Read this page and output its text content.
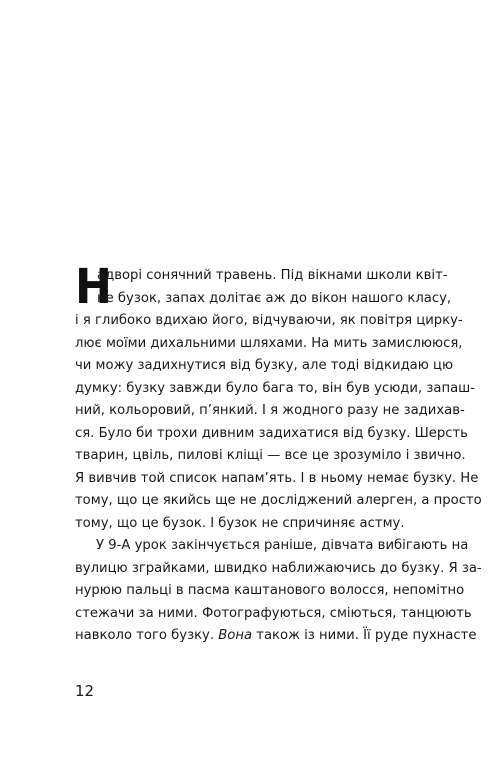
Н
адворі сонячний травень. Під вікнами школи квіт-
не бузок, запах долітає аж до вікон нашого класу,
і я глибоко вдихаю його, відчуваючи, як повітря цирку-
лює моїми дихальними шляхами. На мить замислююся,
чи можу задихнутися від бузку, але тоді відкидаю цю
думку: бузку завжди було бага то, він був усюди, запаш-
ний, кольоровий, п’янкий. І я жодного разу не задихав-
ся. Було би трохи дивним задихатися від бузку. Шерсть
тварин, цвіль, пилові кліщі — все це зрозуміло і звично.
Я вивчив той список напам’ять. І в ньому немає бузку. Не
тому, що це якийсь ще не досліджений алерген, а просто
тому, що це бузок. І бузок не спричиняє астму.
У 9-А урок закінчується раніше, дівчата вибігають на
вулицю зграйками, швидко наближаючись до бузку. Я за-
нурюю пальці в пасма каштанового волосся, непомітно
стежачи за ними. Фотографуються, сміються, танцюють
навколо того бузку. Вона також із ними. Її руде пухнасте
12
